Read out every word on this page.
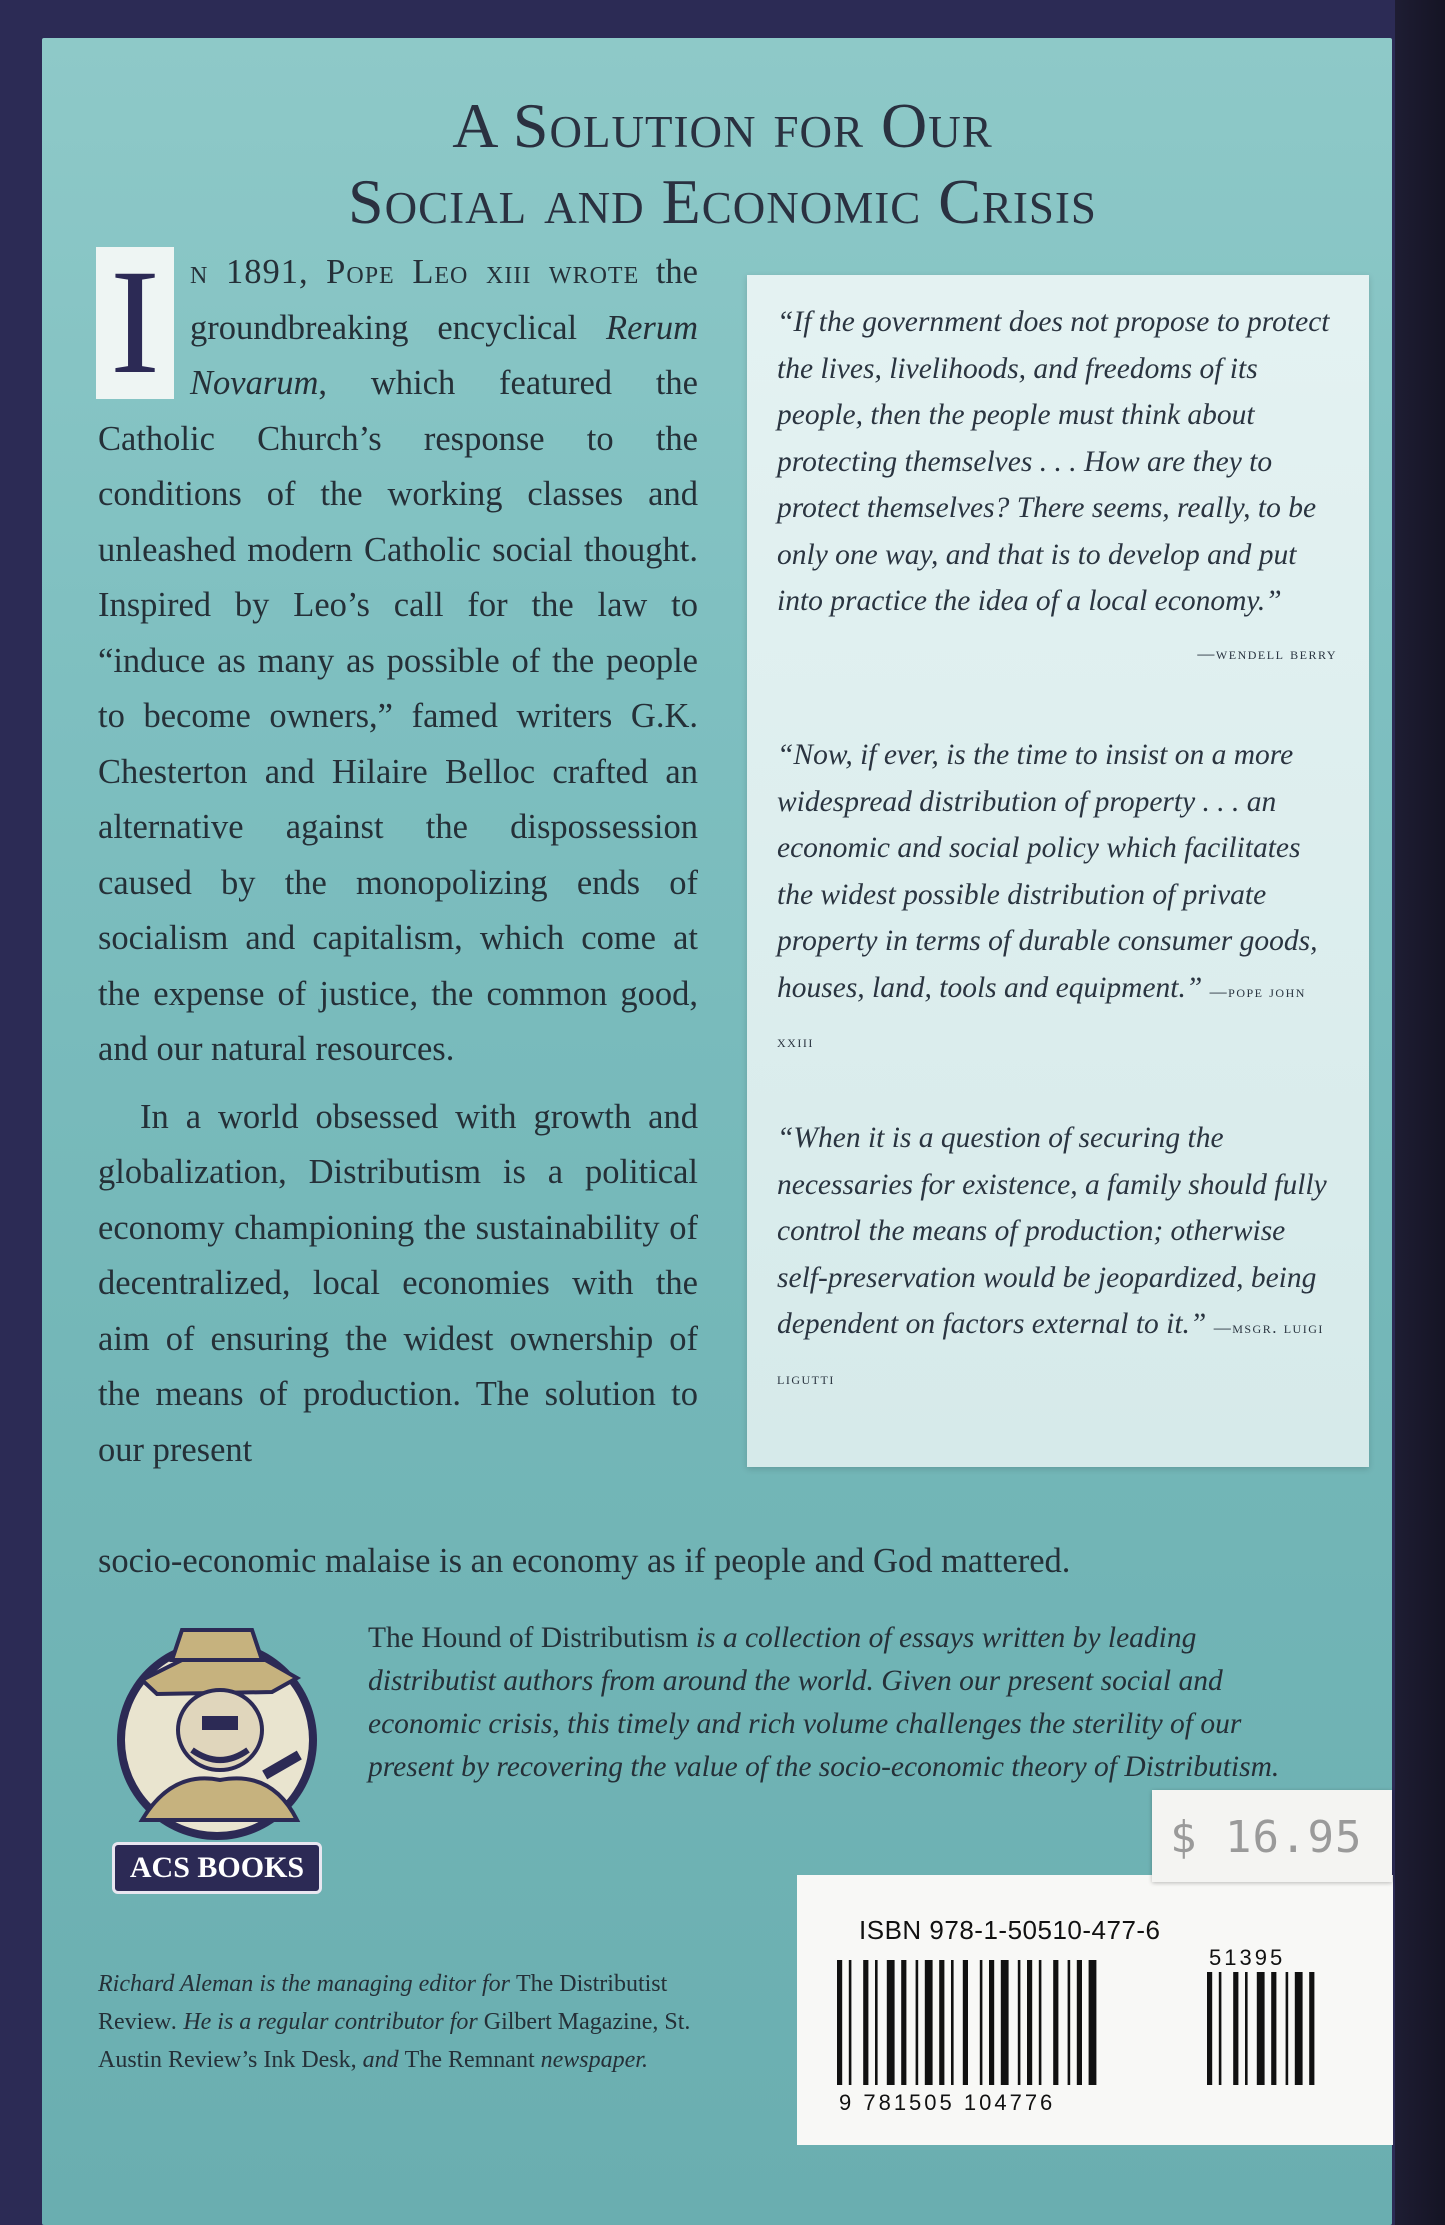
A Solution for Our
Social and Economic Crisis

I n 1891, Pope Leo xiii wrote the groundbreaking encyclical Rerum Novarum, which featured the Catholic Church’s response to the conditions of the working classes and unleashed modern Catholic social thought. Inspired by Leo’s call for the law to “induce as many as possible of the people to become owners,” famed writers G.K. Chesterton and Hilaire Belloc crafted an alternative against the dispossession caused by the monopolizing ends of socialism and capitalism, which come at the expense of justice, the common good, and our natural resources.

In a world obsessed with growth and globalization, Distributism is a political economy championing the sustainability of decentralized, local economies with the aim of ensuring the widest ownership of the means of production. The solution to our present

socio-economic malaise is an economy as if people and God mattered.
“If the government does not propose to protect the lives, livelihoods, and freedoms of its people, then the people must think about protecting themselves . . . How are they to protect themselves? There seems, really, to be only one way, and that is to develop and put into practice the idea of a local economy.”
—wendell berry
“Now, if ever, is the time to insist on a more widespread distribution of property . . . an economic and social policy which facilitates the widest possible distribution of private property in terms of durable consumer goods, houses, land, tools and equipment.” —pope john xxiii
“When it is a question of securing the necessaries for existence, a family should fully control the means of production; otherwise self-preservation would be jeopardized, being dependent on factors external to it.” —msgr. luigi ligutti
ACS BOOKS
The Hound of Distributism is a collection of essays written by leading distributist authors from around the world. Given our present social and economic crisis, this timely and rich volume challenges the sterility of our present by recovering the value of the socio-economic theory of Distributism.
Richard Aleman is the managing editor for The Distributist Review. He is a regular contributor for Gilbert Magazine, St. Austin Review’s Ink Desk, and The Remnant newspaper.
ISBN 978-1-50510-477-6
51395
9 781505 104776
$ 16.95
